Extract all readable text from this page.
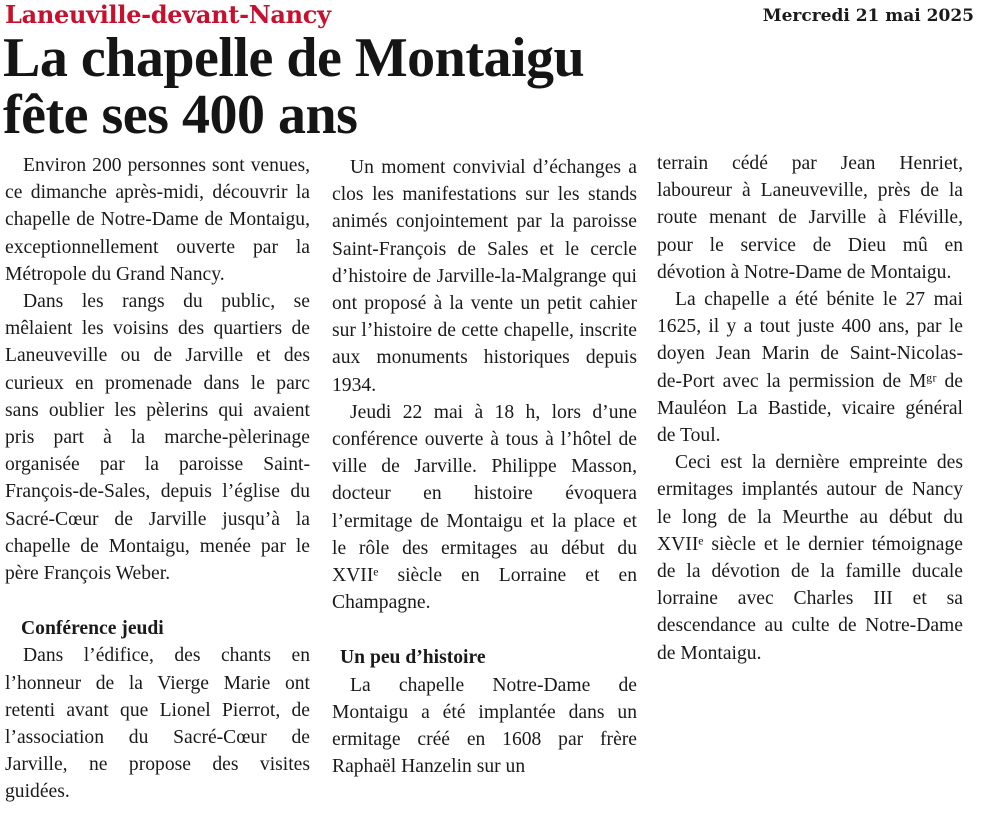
Laneuville-devant-Nancy	Mercredi 21 mai 2025
La chapelle de Montaigu
fête ses 400 ans

Environ 200 personnes sont venues, ce dimanche après-midi, découvrir la chapelle de Notre-Dame de Montaigu, exceptionnellement ouverte par la Métropole du Grand Nancy.

Dans les rangs du public, se mêlaient les voisins des quartiers de Laneuveville ou de Jarville et des curieux en promenade dans le parc sans oublier les pèlerins qui avaient pris part à la marche-pèlerinage organisée par la paroisse Saint-François-de-Sales, depuis l’église du Sacré-Cœur de Jarville jusqu’à la chapelle de Montaigu, menée par le père François Weber.

Conférence jeudi

Dans l’édifice, des chants en l’honneur de la Vierge Marie ont retenti avant que Lionel Pierrot, de l’association du Sacré-Cœur de Jarville, ne propose des visites guidées.

Un moment convivial d’échanges a clos les manifestations sur les stands animés conjointement par la paroisse Saint-François de Sales et le cercle d’histoire de Jarville-la-Malgrange qui ont proposé à la vente un petit cahier sur l’histoire de cette chapelle, inscrite aux monuments historiques depuis 1934.

Jeudi 22 mai à 18 h, lors d’une conférence ouverte à tous à l’hôtel de ville de Jarville. Philippe Masson, docteur en histoire évoquera l’ermitage de Montaigu et la place et le rôle des ermitages au début du XVIIᵉ siècle en Lorraine et en Champagne.

Un peu d’histoire

La chapelle Notre-Dame de Montaigu a été implantée dans un ermitage créé en 1608 par frère Raphaël Hanzelin sur un

terrain cédé par Jean Henriet, laboureur à Laneuveville, près de la route menant de Jarville à Fléville, pour le service de Dieu mû en dévotion à Notre-Dame de Montaigu.

La chapelle a été bénite le 27 mai 1625, il y a tout juste 400 ans, par le doyen Jean Marin de Saint-Nicolas-de-Port avec la permission de Mᵍʳ de Mauléon La Bastide, vicaire général de Toul.

Ceci est la dernière empreinte des ermitages implantés autour de Nancy le long de la Meurthe au début du XVIIᵉ siècle et le dernier témoignage de la dévotion de la famille ducale lorraine avec Charles III et sa descendance au culte de Notre-Dame de Montaigu.
